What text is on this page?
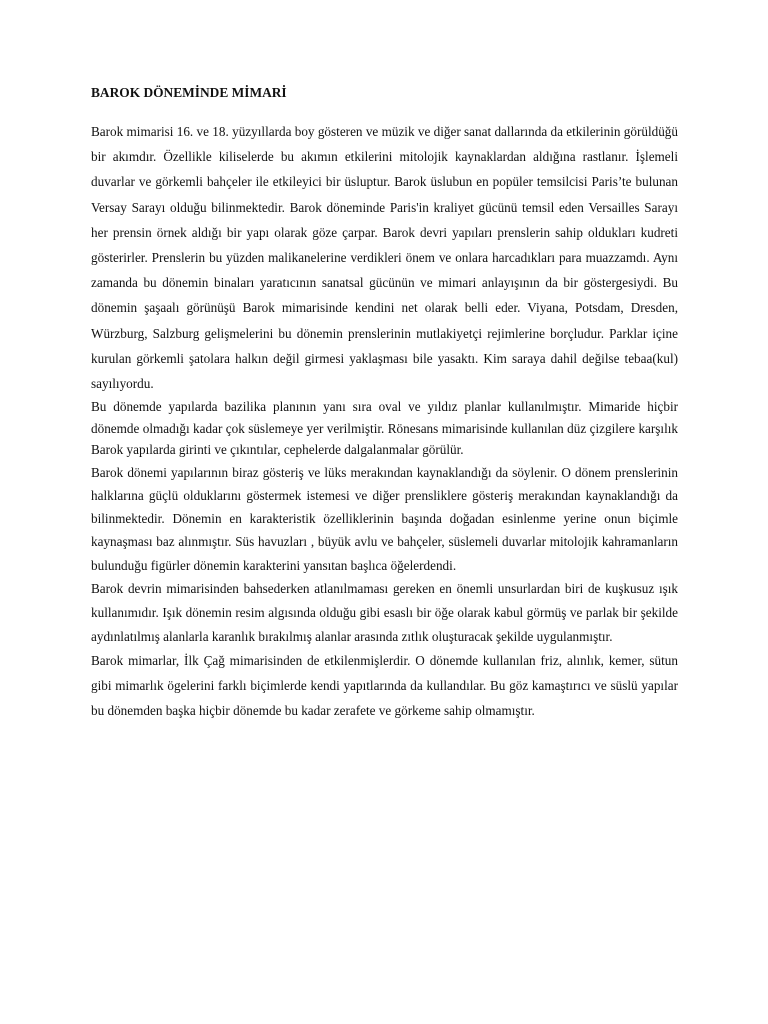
BAROK DÖNEMİNDE MİMARİ

Barok mimarisi 16. ve 18. yüzyıllarda boy gösteren ve müzik ve diğer sanat dallarında da etkilerinin görüldüğü bir akımdır. Özellikle kiliselerde bu akımın etkilerini mitolojik kaynaklardan aldığına rastlanır. İşlemeli duvarlar ve görkemli bahçeler ile etkileyici bir üsluptur. Barok üslubun en popüler temsilcisi Paris’te bulunan Versay Sarayı olduğu bilinmektedir. Barok döneminde Paris'in kraliyet gücünü temsil eden Versailles Sarayı her prensin örnek aldığı bir yapı olarak göze çarpar. Barok devri yapıları prenslerin sahip oldukları kudreti gösterirler. Prenslerin bu yüzden malikanelerine verdikleri önem ve onlara harcadıkları para muazzamdı. Aynı zamanda bu dönemin binaları yaratıcının sanatsal gücünün ve mimari anlayışının da bir göstergesiydi. Bu dönemin şaşaalı görünüşü Barok mimarisinde kendini net olarak belli eder. Viyana, Potsdam, Dresden, Würzburg, Salzburg gelişmelerini bu dönemin prenslerinin mutlakiyetçi rejimlerine borçludur. Parklar içine kurulan görkemli şatolara halkın değil girmesi yaklaşması bile yasaktı. Kim saraya dahil değilse tebaa(kul) sayılıyordu.

Bu dönemde yapılarda bazilika planının yanı sıra oval ve yıldız planlar kullanılmıştır. Mimaride hiçbir dönemde olmadığı kadar çok süslemeye yer verilmiştir. Rönesans mimarisinde kullanılan düz çizgilere karşılık Barok yapılarda girinti ve çıkıntılar, cephelerde dalgalanmalar görülür.

Barok dönemi yapılarının biraz gösteriş ve lüks merakından kaynaklandığı da söylenir. O dönem prenslerinin halklarına güçlü olduklarını göstermek istemesi ve diğer prensliklere gösteriş merakından kaynaklandığı da bilinmektedir. Dönemin en karakteristik özelliklerinin başında doğadan esinlenme yerine onun biçimle kaynaşması baz alınmıştır. Süs havuzları , büyük avlu ve bahçeler, süslemeli duvarlar mitolojik kahramanların bulunduğu figürler dönemin karakterini yansıtan başlıca öğelerdendi.

Barok devrin mimarisinden bahsederken atlanılmaması gereken en önemli unsurlardan biri de kuşkusuz ışık kullanımıdır. Işık dönemin resim algısında olduğu gibi esaslı bir öğe olarak kabul görmüş ve parlak bir şekilde aydınlatılmış alanlarla karanlık bırakılmış alanlar arasında zıtlık oluşturacak şekilde uygulanmıştır.

Barok mimarlar, İlk Çağ mimarisinden de etkilenmişlerdir. O dönemde kullanılan friz, alınlık, kemer, sütun gibi mimarlık ögelerini farklı biçimlerde kendi yapıtlarında da kullandılar. Bu göz kamaştırıcı ve süslü yapılar bu dönemden başka hiçbir dönemde bu kadar zerafete ve görkeme sahip olmamıştır.
